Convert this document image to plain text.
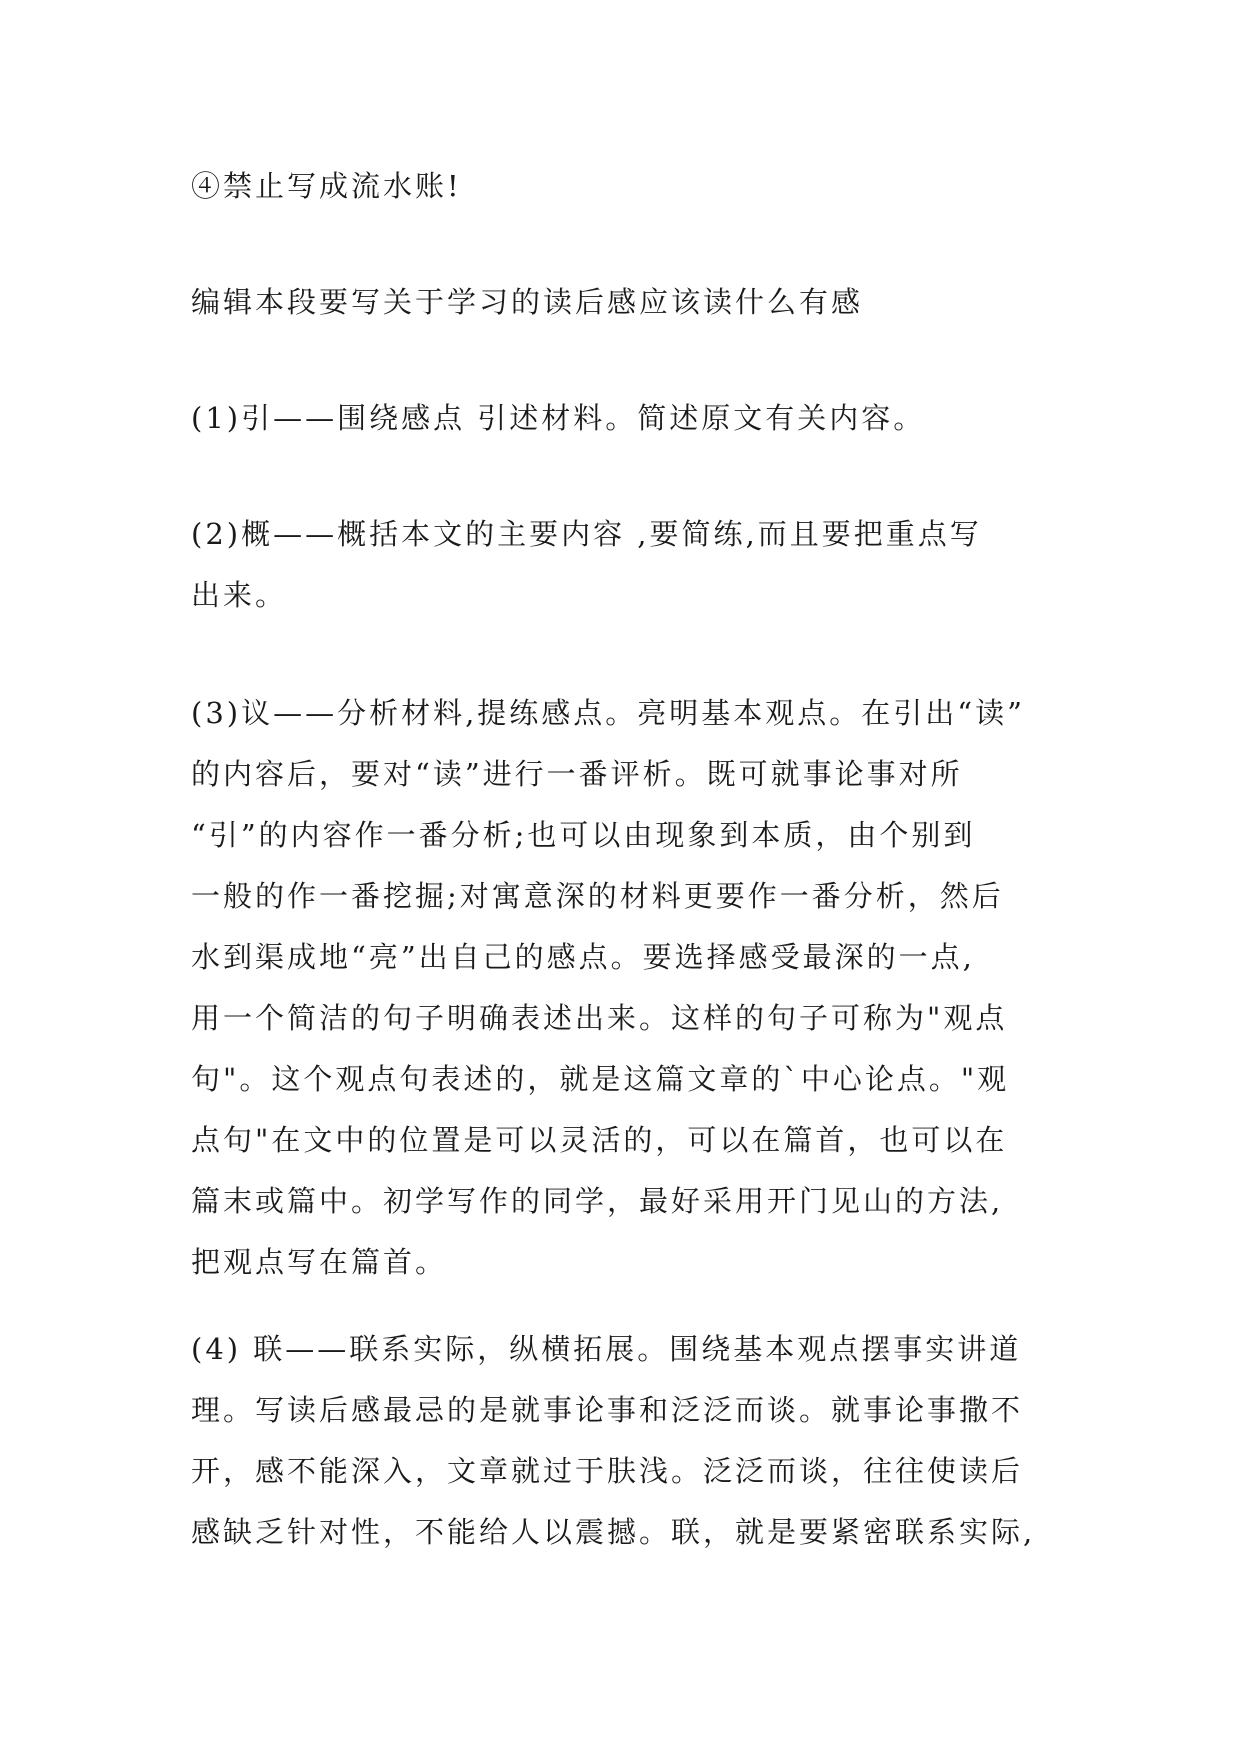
④禁止写成流水账!

编辑本段要写关于学习的读后感应该读什么有感

(1)引——围绕感点 引述材料。简述原文有关内容。

(2)概——概括本文的主要内容 ,要简练,而且要把重点写
出来。

(3)议——分析材料,提练感点。亮明基本观点。在引出“读”
的内容后，要对“读”进行一番评析。既可就事论事对所
“引”的内容作一番分析;也可以由现象到本质，由个别到
一般的作一番挖掘;对寓意深的材料更要作一番分析，然后
水到渠成地“亮”出自己的感点。要选择感受最深的一点,
用一个简洁的句子明确表述出来。这样的句子可称为"观点
句"。这个观点句表述的，就是这篇文章的`中心论点。"观
点句"在文中的位置是可以灵活的，可以在篇首，也可以在
篇末或篇中。初学写作的同学，最好采用开门见山的方法,
把观点写在篇首。

(4) 联——联系实际，纵横拓展。围绕基本观点摆事实讲道
理。写读后感最忌的是就事论事和泛泛而谈。就事论事撒不
开，感不能深入，文章就过于肤浅。泛泛而谈，往往使读后
感缺乏针对性，不能给人以震撼。联，就是要紧密联系实际,
